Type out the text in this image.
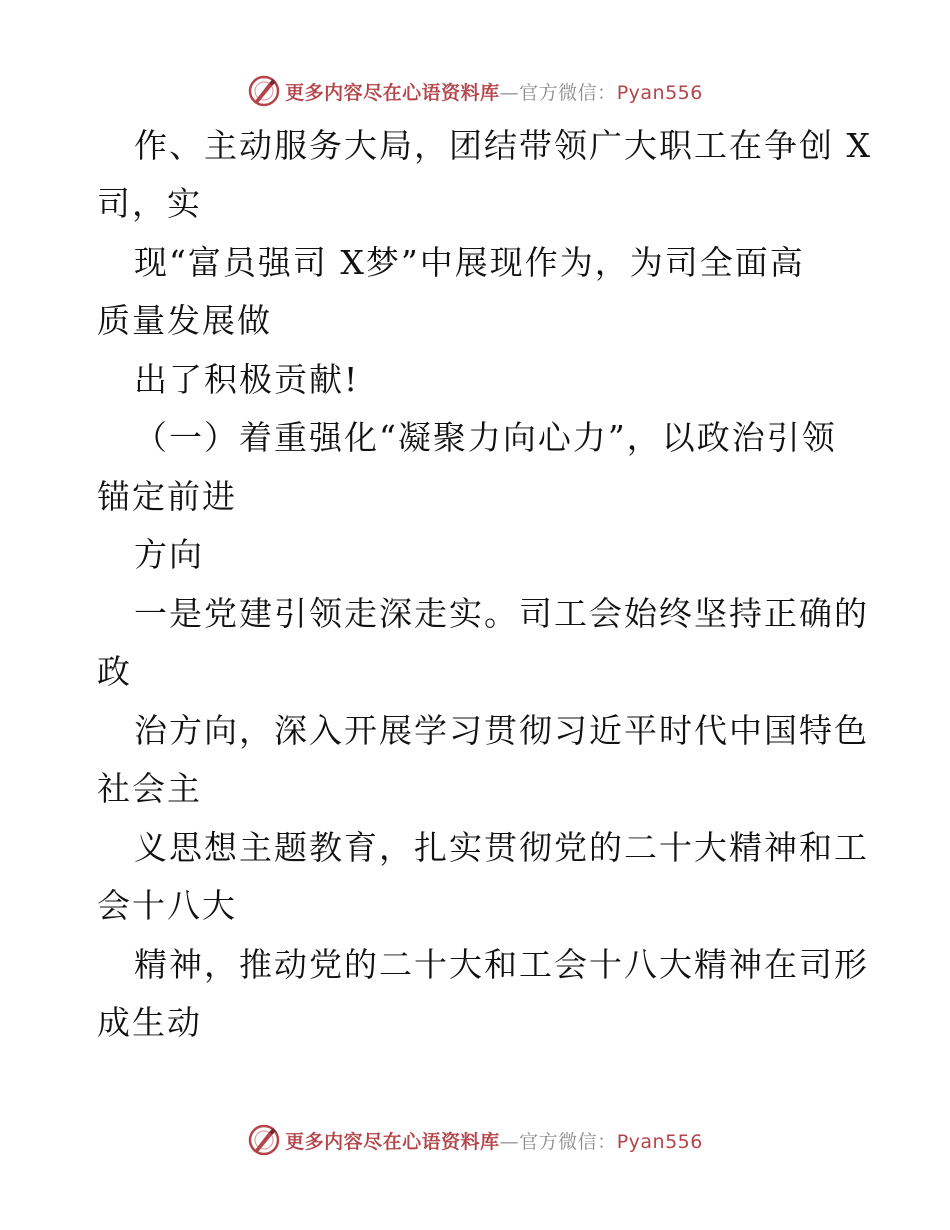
更多内容尽在心语资料库—官方微信：Pyan556
作、主动服务大局，团结带领广大职工在争创 X
司，实
现“富员强司 X梦”中展现作为，为司全面高
质量发展做
出了积极贡献!
（一）着重强化“凝聚力向心力”，以政治引领
锚定前进
方向
一是党建引领走深走实。司工会始终坚持正确的
政
治方向，深入开展学习贯彻习近平时代中国特色
社会主
义思想主题教育，扎实贯彻党的二十大精神和工
会十八大
精神，推动党的二十大和工会十八大精神在司形
成生动
更多内容尽在心语资料库—官方微信：Pyan556
